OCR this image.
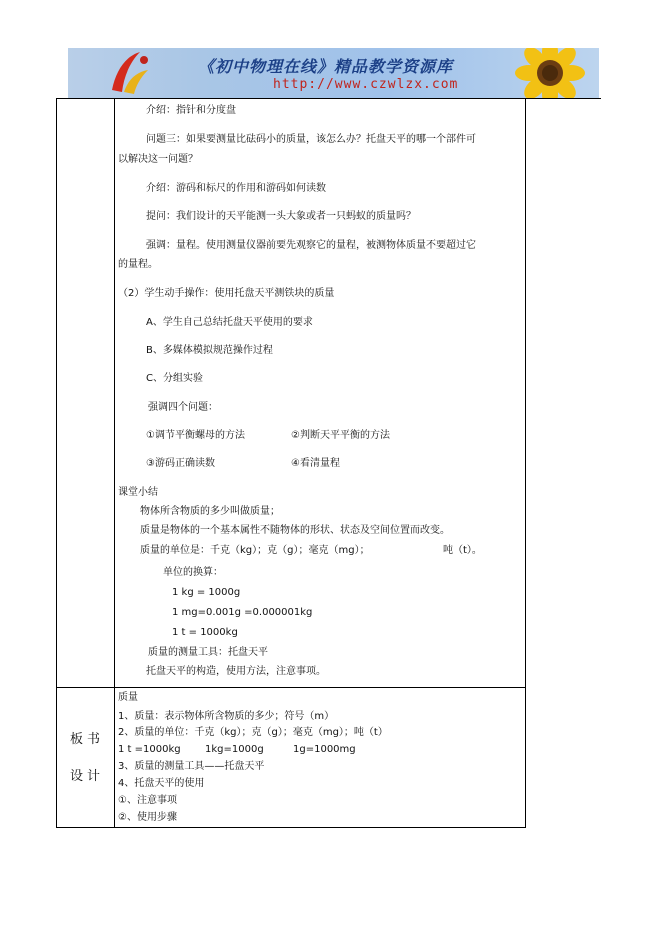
《初中物理在线》精品教学资源库
http://www.czwlzx.com
介绍：指针和分度盘
问题三：如果要测量比砝码小的质量，该怎么办？托盘天平的哪一个部件可
以解决这一问题？
介绍：游码和标尺的作用和游码如何读数
提问：我们设计的天平能测一头大象或者一只蚂蚁的质量吗？
强调：量程。使用测量仪器前要先观察它的量程，被测物体质量不要超过它
的量程。
（2）学生动手操作：使用托盘天平测铁块的质量
A、学生自己总结托盘天平使用的要求
B、多媒体模拟规范操作过程
C、分组实验
强调四个问题：
①调节平衡螺母的方法	②判断天平平衡的方法
③游码正确读数	④看清量程
课堂小结
物体所含物质的多少叫做质量；
质量是物体的一个基本属性不随物体的形状、状态及空间位置而改变。
质量的单位是：千克（kg）；克（g）；毫克（mg）；	吨（t）。
单位的换算：
1 kg = 1000g
1 mg=0.001g =0.000001kg
1 t = 1000kg
质量的测量工具：托盘天平
托盘天平的构造，使用方法，注意事项。
板书
设计
质量
1、质量：表示物体所含物质的多少；符号（m）
2、质量的单位：千克（kg）；克（g）；毫克（mg）；吨（t）
1 t =1000kg 1kg=1000g	1g=1000mg
3、质量的测量工具——托盘天平
4、托盘天平的使用
①、注意事项
②、使用步骤
